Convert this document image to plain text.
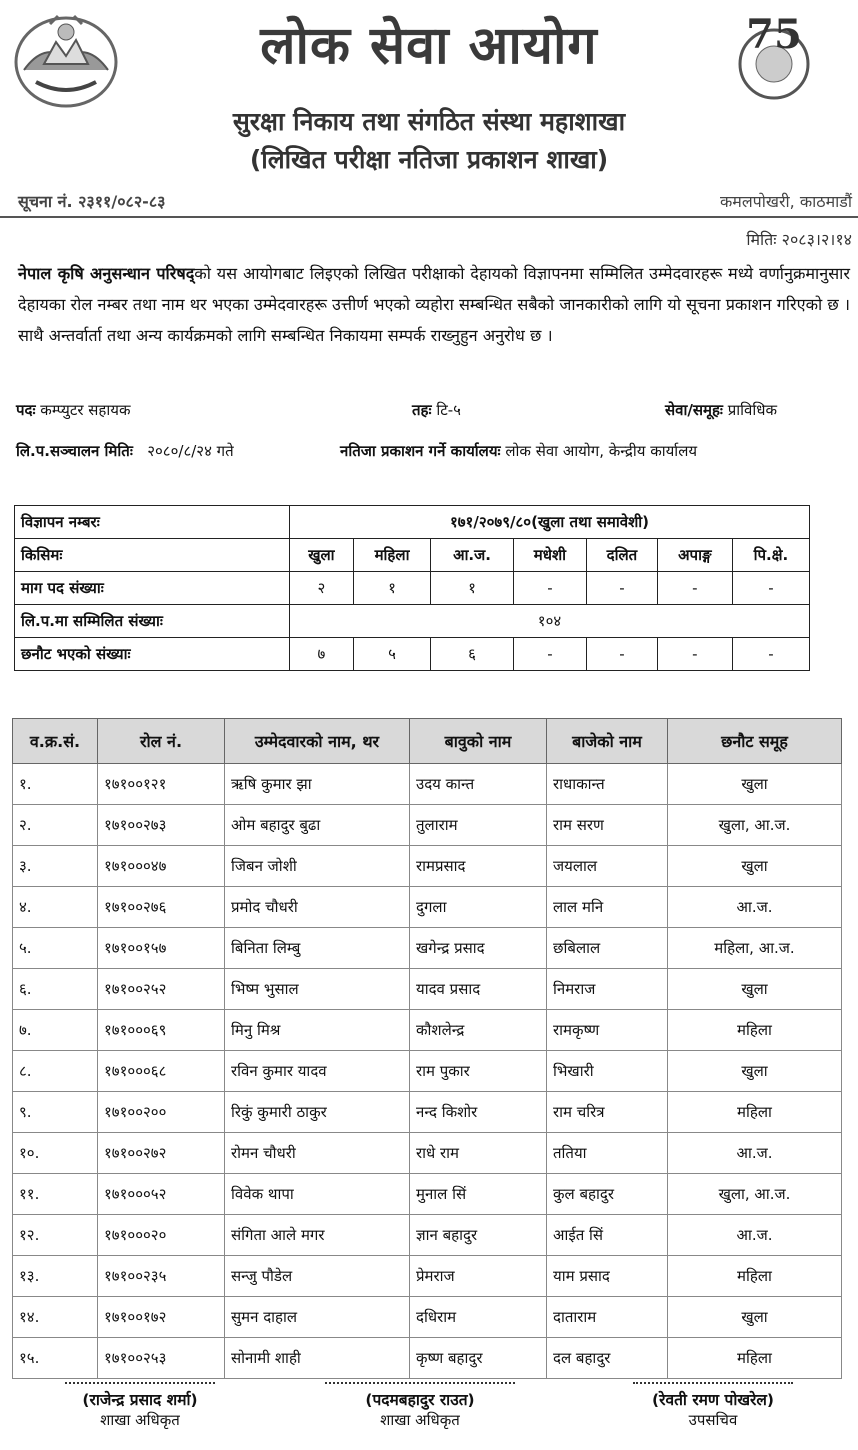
75
लोक सेवा आयोग
सुरक्षा निकाय तथा संगठित संस्था महाशाखा
(लिखित परीक्षा नतिजा प्रकाशन शाखा)
सूचना नं. २३११/०८२-८३	कमलपोखरी, काठमाडौं
मितिः २०८३।२।१४
नेपाल कृषि अनुसन्धान परिषद्को यस आयोगबाट लिइएको लिखित परीक्षाको देहायको विज्ञापनमा सम्मिलित उम्मेदवारहरू मध्ये वर्णानुक्रमानुसार देहायका रोल नम्बर तथा नाम थर भएका उम्मेदवारहरू उत्तीर्ण भएको व्यहोरा सम्बन्धित सबैको जानकारीको लागि यो सूचना प्रकाशन गरिएको छ । साथै अन्तर्वार्ता तथा अन्य कार्यक्रमको लागि सम्बन्धित निकायमा सम्पर्क राख्नुहुन अनुरोध छ ।
पदः कम्प्युटर सहायक	तहः टि-५	सेवा/समूहः प्राविधिक
लि.प.सञ्चालन मितिः २०८०/८/२४ गते	नतिजा प्रकाशन गर्ने कार्यालयः लोक सेवा आयोग, केन्द्रीय कार्यालय
विज्ञापन नम्बरः	१७१/२०७९/८०(खुला तथा समावेशी)						
किसिमः	खुला	महिला	आ.ज.	मधेशी	दलित	अपाङ्ग	पि.क्षे.
माग पद संख्याः	२	१	१	-	-	-	-
लि.प.मा सम्मिलित संख्याः	१०४						
छनौट भएको संख्याः	७	५	६	-	-	-	-
व.क्र.सं.	रोल नं.	उम्मेदवारको नाम, थर	बावुको नाम	बाजेको नाम	छनौट समूह
१.	१७१००१२१	ऋषि कुमार झा	उदय कान्त	राधाकान्त	खुला
२.	१७१००२७३	ओम बहादुर बुढा	तुलाराम	राम सरण	खुला, आ.ज.
३.	१७१०००४७	जिबन जोशी	रामप्रसाद	जयलाल	खुला
४.	१७१००२७६	प्रमोद चौधरी	दुगला	लाल मनि	आ.ज.
५.	१७१००१५७	बिनिता लिम्बु	खगेन्द्र प्रसाद	छबिलाल	महिला, आ.ज.
६.	१७१००२५२	भिष्म भुसाल	यादव प्रसाद	निमराज	खुला
७.	१७१०००६९	मिनु मिश्र	कौशलेन्द्र	रामकृष्ण	महिला
८.	१७१०००६८	रविन कुमार यादव	राम पुकार	भिखारी	खुला
९.	१७१००२००	रिकुं कुमारी ठाकुर	नन्द किशोर	राम चरित्र	महिला
१०.	१७१००२७२	रोमन चौधरी	राधे राम	ततिया	आ.ज.
११.	१७१०००५२	विवेक थापा	मुनाल सिं	कुल बहादुर	खुला, आ.ज.
१२.	१७१०००२०	संगिता आले मगर	ज्ञान बहादुर	आईत सिं	आ.ज.
१३.	१७१००२३५	सन्जु पौडेल	प्रेमराज	याम प्रसाद	महिला
१४.	१७१००१७२	सुमन दाहाल	दधिराम	दाताराम	खुला
१५.	१७१००२५३	सोनामी शाही	कृष्ण बहादुर	दल बहादुर	महिला
(राजेन्द्र प्रसाद शर्मा)
शाखा अधिकृत
(पदमबहादुर राउत)
शाखा अधिकृत
(रेवती रमण पोखरेल)
उपसचिव
